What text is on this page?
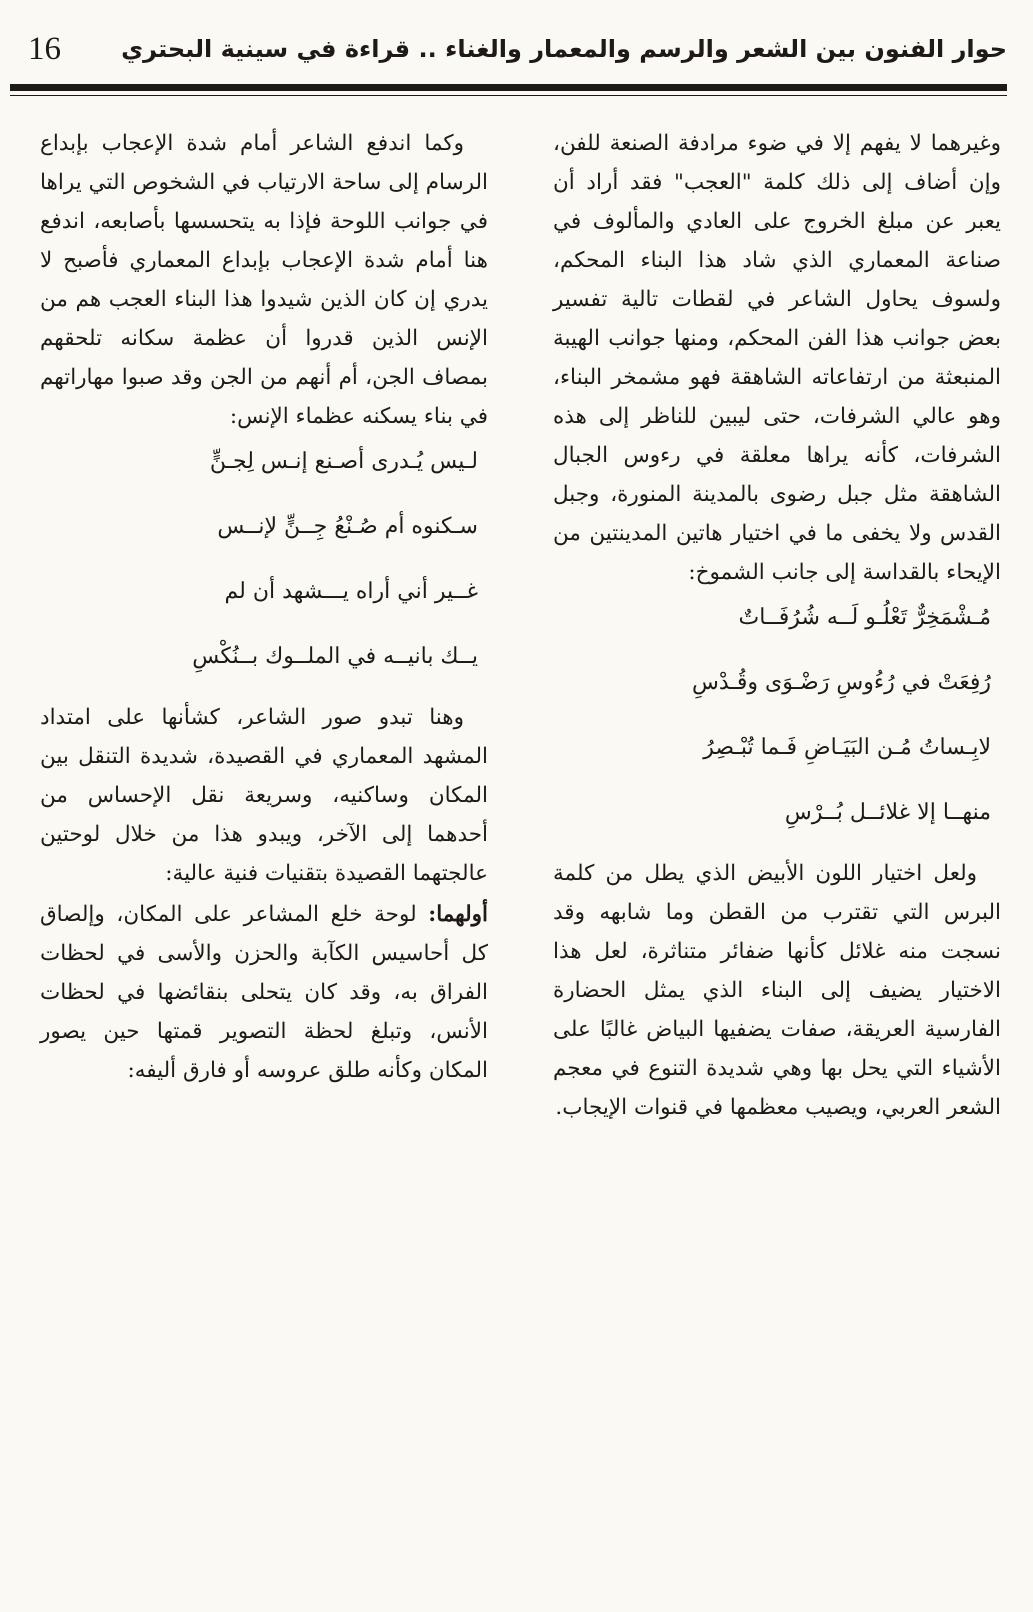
16	حوار الفنون بين الشعر والرسم والمعمار والغناء .. قراءة في سينية البحتري

وغيرهما لا يفهم إلا في ضوء مرادفة الصنعة للفن، وإن أضاف إلى ذلك كلمة "العجب" فقد أراد أن يعبر عن مبلغ الخروج على العادي والمألوف في صناعة المعماري الذي شاد هذا البناء المحكم، ولسوف يحاول الشاعر في لقطات تالية تفسير بعض جوانب هذا الفن المحكم، ومنها جوانب الهيبة المنبعثة من ارتفاعاته الشاهقة فهو مشمخر البناء، وهو عالي الشرفات، حتى ليبين للناظر إلى هذه الشرفات، كأنه يراها معلقة في رءوس الجبال الشاهقة مثل جبل رضوى بالمدينة المنورة، وجبل القدس ولا يخفى ما في اختيار هاتين المدينتين من الإيحاء بالقداسة إلى جانب الشموخ:

مُـشْمَخِرٌّ تَعْلُـو لَــه شُرُفَــاتٌ

رُفِعَتْ في رُءُوسِ رَضْـوَى وقُـدْسِ

لابِـساتُ مُـن البَيَـاضِ فَـما تُبْـصِرُ

منهــا إلا غلائــل بُــرْسِ

ولعل اختيار اللون الأبيض الذي يطل من كلمة البرس التي تقترب من القطن وما شابهه وقد نسجت منه غلائل كأنها ضفائر متناثرة، لعل هذا الاختيار يضيف إلى البناء الذي يمثل الحضارة الفارسية العريقة، صفات يضفيها البياض غالبًا على الأشياء التي يحل بها وهي شديدة التنوع في معجم الشعر العربي، ويصيب معظمها في قنوات الإيجاب.

وكما اندفع الشاعر أمام شدة الإعجاب بإبداع الرسام إلى ساحة الارتياب في الشخوص التي يراها في جوانب اللوحة فإذا به يتحسسها بأصابعه، اندفع هنا أمام شدة الإعجاب بإبداع المعماري فأصبح لا يدري إن كان الذين شيدوا هذا البناء العجب هم من الإنس الذين قدروا أن عظمة سكانه تلحقهم بمصاف الجن، أم أنهم من الجن وقد صبوا مهاراتهم في بناء يسكنه عظماء الإنس:

لـيس يُـدرى أصـنع إنـس لِجـنٍّ

سـكنوه أم صُـنْعُ جِــنٍّ لإنــس

غــير أني أراه يـــشهد أن لم

يــك بانيــه في الملــوك بــنُكْسِ

وهنا تبدو صور الشاعر، كشأنها على امتداد المشهد المعماري في القصيدة، شديدة التنقل بين المكان وساكنيه، وسريعة نقل الإحساس من أحدهما إلى الآخر، ويبدو هذا من خلال لوحتين عالجتهما القصيدة بتقنيات فنية عالية:

أولهما: لوحة خلع المشاعر على المكان، وإلصاق كل أحاسيس الكآبة والحزن والأسى في لحظات الفراق به، وقد كان يتحلى بنقائضها في لحظات الأنس، وتبلغ لحظة التصوير قمتها حين يصور المكان وكأنه طلق عروسه أو فارق أليفه:
